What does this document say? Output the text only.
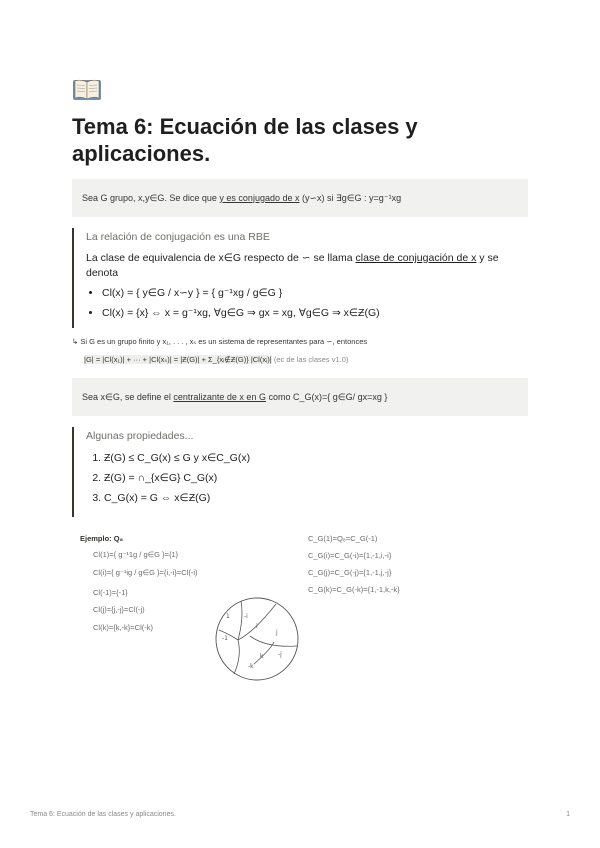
Tema 6: Ecuación de las clases y aplicaciones.
Sea G grupo, x,y∈G. Se dice que y es conjugado de x (y∽x) si ∃g∈G : y=g⁻¹xg
La relación de conjugación es una RBE
La clase de equivalencia de x∈G respecto de ∽ se llama clase de conjugación de x y se denota
• Cl(x) = { y∈G / x∽y } = { g⁻¹xg / g∈G }
• Cl(x) = {x} ⇔ x = g⁻¹xg, ∀g∈G ⇒ gx = xg, ∀g∈G ⇒ x∈Ƶ(G)
↳ Si G es un grupo finito y x₁, . . . , xₛ es un sistema de representantes para ∽, entonces
|G| = |Cl(x₁)| + ··· + |Cl(xₛ)| = |Ƶ(G)| + Σ_{xᵢ∉Ƶ(G)} |Cl(xᵢ)| (ec de las clases v1.0)
Sea x∈G, se define el centralizante de x en G como C_G(x)={ g∈G/ gx=xg }
Algunas propiedades...
1. Ƶ(G) ≤ C_G(x) ≤ G y x∈C_G(x)
2. Ƶ(G) = ∩_{x∈G} C_G(x)
3. C_G(x) = G ⇔ x∈Ƶ(G)
Ejemplo: Q₈
Cl(1)={ g⁻¹1g / g∈G }={1}
Cl(i)={ g⁻¹ig / g∈G }={i,-i}=Cl(-i)
Cl(-1)={-1}
Cl(j)={j,-j}=Cl(-j)
Cl(k)={k,-k}=Cl(-k)
C_G(1)=Q₈=C_G(-1)
C_G(i)=C_G(-i)={1,-1,i,-i}
C_G(j)=C_G(-j)={1,-1,j,-j}
C_G(k)=C_G(-k)={1,-1,k,-k}
1
-1
-i
i
j
-j
k
-k
Tema 6: Ecuación de las clases y aplicaciones.	1
